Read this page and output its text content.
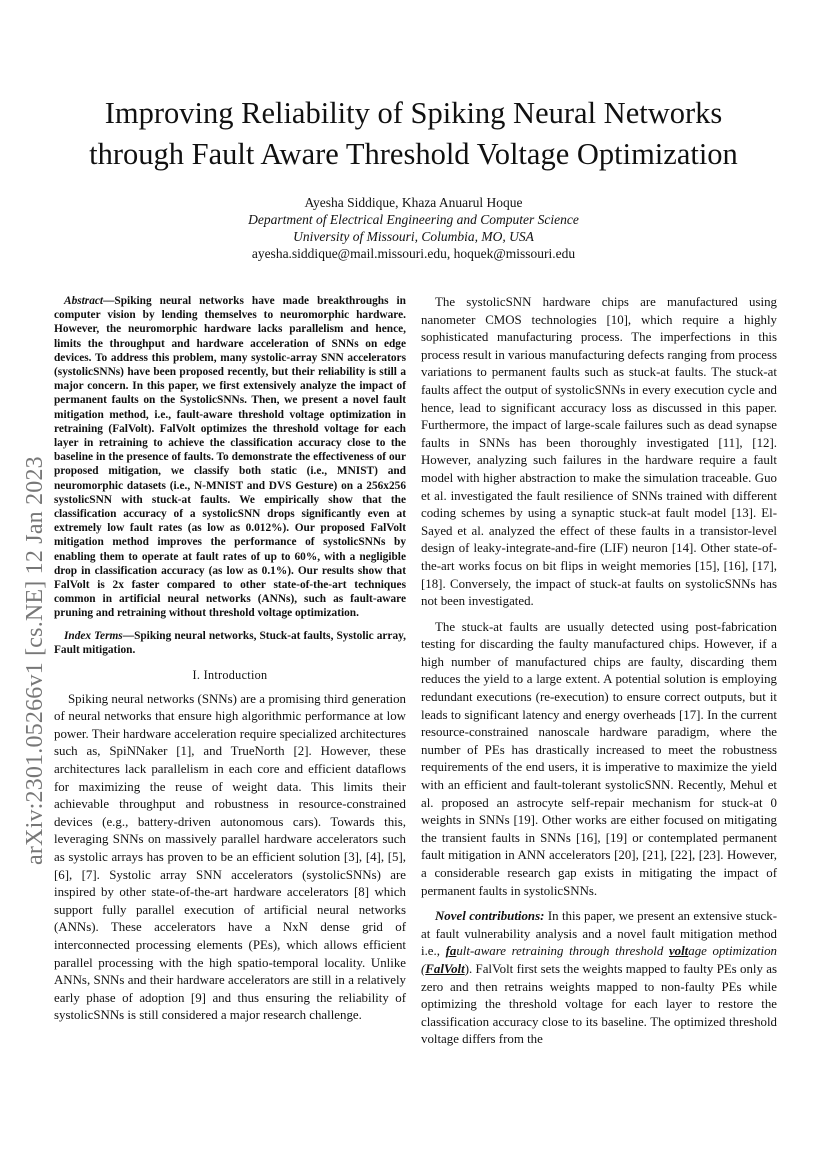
arXiv:2301.05266v1 [cs.NE] 12 Jan 2023
Improving Reliability of Spiking Neural Networks
through Fault Aware Threshold Voltage Optimization
Ayesha Siddique, Khaza Anuarul Hoque
Department of Electrical Engineering and Computer Science
University of Missouri, Columbia, MO, USA
ayesha.siddique@mail.missouri.edu, hoquek@missouri.edu

Abstract—Spiking neural networks have made breakthroughs in computer vision by lending themselves to neuromorphic hardware. However, the neuromorphic hardware lacks parallelism and hence, limits the throughput and hardware acceleration of SNNs on edge devices. To address this problem, many systolic-array SNN accelerators (systolicSNNs) have been proposed recently, but their reliability is still a major concern. In this paper, we first extensively analyze the impact of permanent faults on the SystolicSNNs. Then, we present a novel fault mitigation method, i.e., fault-aware threshold voltage optimization in retraining (FalVolt). FalVolt optimizes the threshold voltage for each layer in retraining to achieve the classification accuracy close to the baseline in the presence of faults. To demonstrate the effectiveness of our proposed mitigation, we classify both static (i.e., MNIST) and neuromorphic datasets (i.e., N-MNIST and DVS Gesture) on a 256x256 systolicSNN with stuck-at faults. We empirically show that the classification accuracy of a systolicSNN drops significantly even at extremely low fault rates (as low as 0.012%). Our proposed FalVolt mitigation method improves the performance of systolicSNNs by enabling them to operate at fault rates of up to 60%, with a negligible drop in classification accuracy (as low as 0.1%). Our results show that FalVolt is 2x faster compared to other state-of-the-art techniques common in artificial neural networks (ANNs), such as fault-aware pruning and retraining without threshold voltage optimization.

Index Terms—Spiking neural networks, Stuck-at faults, Systolic array, Fault mitigation.

I. Introduction

Spiking neural networks (SNNs) are a promising third generation of neural networks that ensure high algorithmic performance at low power. Their hardware acceleration require specialized architectures such as, SpiNNaker [1], and TrueNorth [2]. However, these architectures lack parallelism in each core and efficient dataflows for maximizing the reuse of weight data. This limits their achievable throughput and robustness in resource-constrained devices (e.g., battery-driven autonomous cars). Towards this, leveraging SNNs on massively parallel hardware accelerators such as systolic arrays has proven to be an efficient solution [3], [4], [5], [6], [7]. Systolic array SNN accelerators (systolicSNNs) are inspired by other state-of-the-art hardware accelerators [8] which support fully parallel execution of artificial neural networks (ANNs). These accelerators have a NxN dense grid of interconnected processing elements (PEs), which allows efficient parallel processing with the high spatio-temporal locality. Unlike ANNs, SNNs and their hardware accelerators are still in a relatively early phase of adoption [9] and thus ensuring the reliability of systolicSNNs is still considered a major research challenge.

The systolicSNN hardware chips are manufactured using nanometer CMOS technologies [10], which require a highly sophisticated manufacturing process. The imperfections in this process result in various manufacturing defects ranging from process variations to permanent faults such as stuck-at faults. The stuck-at faults affect the output of systolicSNNs in every execution cycle and hence, lead to significant accuracy loss as discussed in this paper. Furthermore, the impact of large-scale failures such as dead synapse faults in SNNs has been thoroughly investigated [11], [12]. However, analyzing such failures in the hardware require a fault model with higher abstraction to make the simulation traceable. Guo et al. investigated the fault resilience of SNNs trained with different coding schemes by using a synaptic stuck-at fault model [13]. El-Sayed et al. analyzed the effect of these faults in a transistor-level design of leaky-integrate-and-fire (LIF) neuron [14]. Other state-of-the-art works focus on bit flips in weight memories [15], [16], [17], [18]. Conversely, the impact of stuck-at faults on systolicSNNs has not been investigated.

The stuck-at faults are usually detected using post-fabrication testing for discarding the faulty manufactured chips. However, if a high number of manufactured chips are faulty, discarding them reduces the yield to a large extent. A potential solution is employing redundant executions (re-execution) to ensure correct outputs, but it leads to significant latency and energy overheads [17]. In the current resource-constrained nanoscale hardware paradigm, where the number of PEs has drastically increased to meet the robustness requirements of the end users, it is imperative to maximize the yield with an efficient and fault-tolerant systolicSNN. Recently, Mehul et al. proposed an astrocyte self-repair mechanism for stuck-at 0 weights in SNNs [19]. Other works are either focused on mitigating the transient faults in SNNs [16], [19] or contemplated permanent fault mitigation in ANN accelerators [20], [21], [22], [23]. However, a considerable research gap exists in mitigating the impact of permanent faults in systolicSNNs.

Novel contributions: In this paper, we present an extensive stuck-at fault vulnerability analysis and a novel fault mitigation method i.e., fault-aware retraining through threshold voltage optimization (FalVolt). FalVolt first sets the weights mapped to faulty PEs only as zero and then retrains weights mapped to non-faulty PEs while optimizing the threshold voltage for each layer to restore the classification accuracy close to its baseline. The optimized threshold voltage differs from the
